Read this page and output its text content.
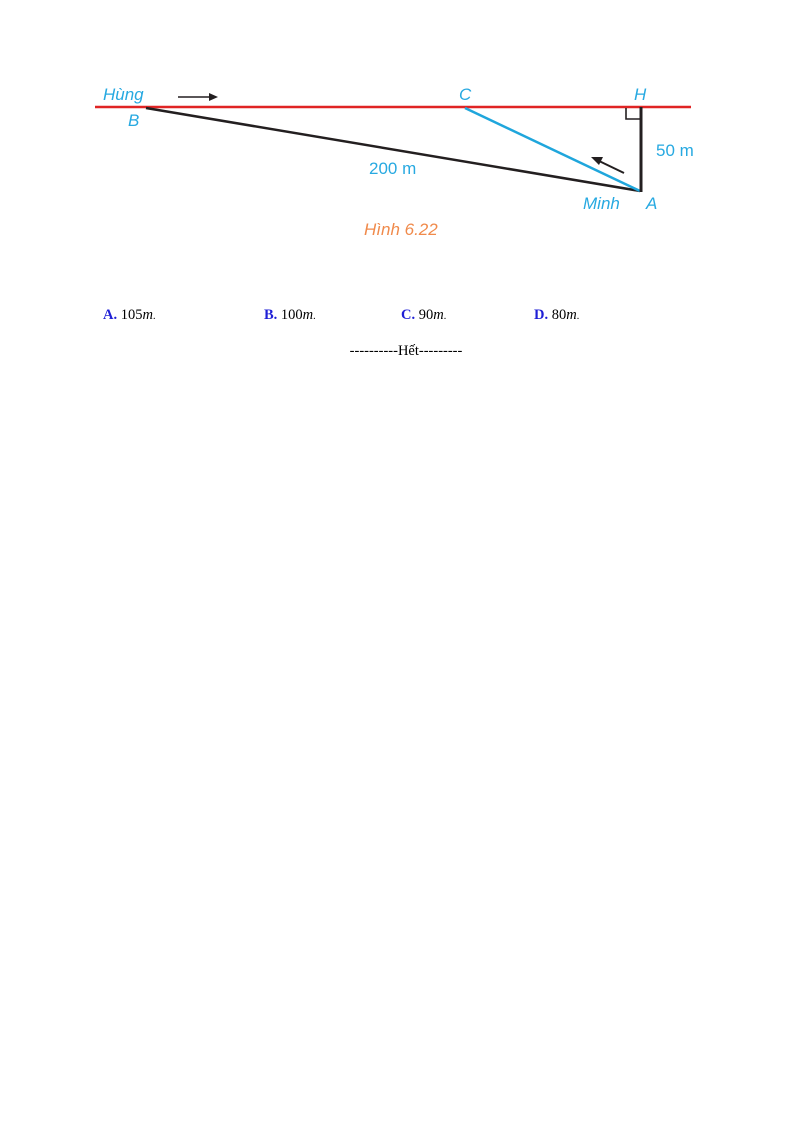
Hùng
B
C	H
200 m
50 m
Minh A
Hình 6.22
A. 105m.	B. 100m.	C. 90m.	D. 80m.
----------Hết---------
